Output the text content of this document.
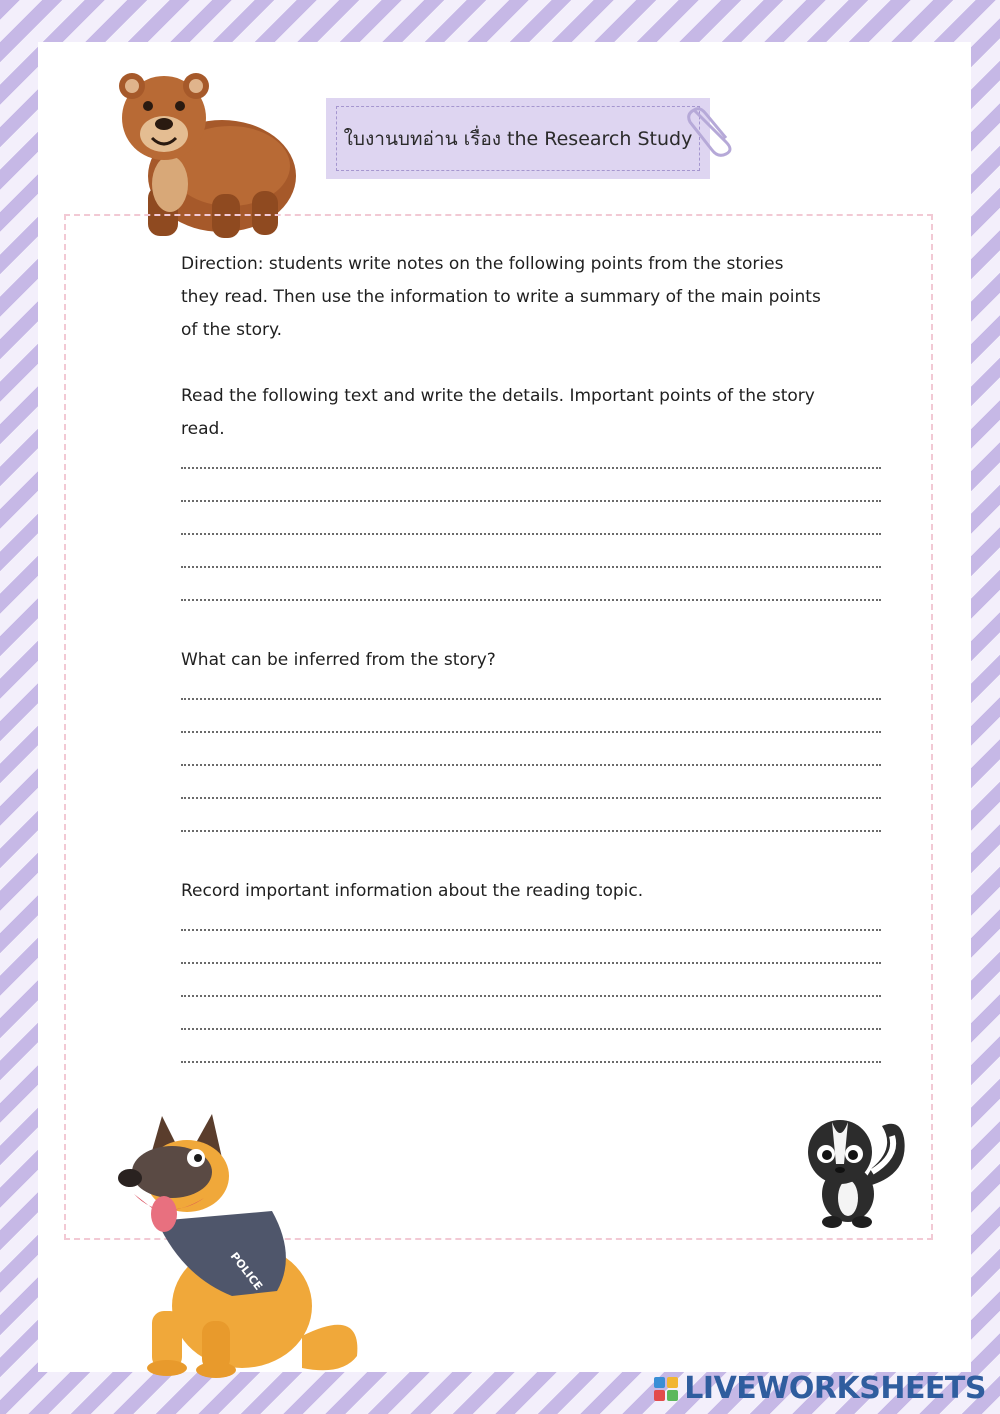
ใบงานบทอ่าน เรื่อง the Research Study

Direction: students write notes on the following points from the stories

they read. Then use the information to write a summary of the main points

of the story.

Read the following text and write the details. Important points of the story

read.

What can be inferred from the story?

Record important information about the reading topic.

POLICE
LIVEWORKSHEETS
